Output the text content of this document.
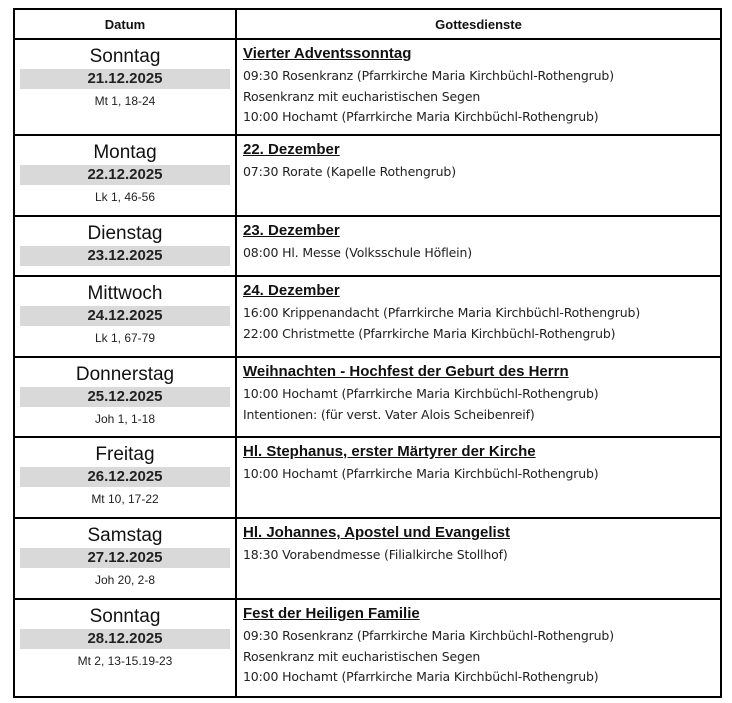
Datum	Gottesdienste
Sonntag
21.12.2025
Mt 1, 18-24
Vierter Adventssonntag
09:30 Rosenkranz (Pfarrkirche Maria Kirchbüchl-Rothengrub)
Rosenkranz mit eucharistischen Segen
10:00 Hochamt (Pfarrkirche Maria Kirchbüchl-Rothengrub)
Montag
22.12.2025
Lk 1, 46-56
22. Dezember
07:30 Rorate (Kapelle Rothengrub)
Dienstag
23.12.2025
23. Dezember
08:00 Hl. Messe (Volksschule Höflein)
Mittwoch
24.12.2025
Lk 1, 67-79
24. Dezember
16:00 Krippenandacht (Pfarrkirche Maria Kirchbüchl-Rothengrub)
22:00 Christmette (Pfarrkirche Maria Kirchbüchl-Rothengrub)
Donnerstag
25.12.2025
Joh 1, 1-18
Weihnachten - Hochfest der Geburt des Herrn
10:00 Hochamt (Pfarrkirche Maria Kirchbüchl-Rothengrub)
Intentionen: (für verst. Vater Alois Scheibenreif)
Freitag
26.12.2025
Mt 10, 17-22
Hl. Stephanus, erster Märtyrer der Kirche
10:00 Hochamt (Pfarrkirche Maria Kirchbüchl-Rothengrub)
Samstag
27.12.2025
Joh 20, 2-8
Hl. Johannes, Apostel und Evangelist
18:30 Vorabendmesse (Filialkirche Stollhof)
Sonntag
28.12.2025
Mt 2, 13-15.19-23
Fest der Heiligen Familie
09:30 Rosenkranz (Pfarrkirche Maria Kirchbüchl-Rothengrub)
Rosenkranz mit eucharistischen Segen
10:00 Hochamt (Pfarrkirche Maria Kirchbüchl-Rothengrub)
